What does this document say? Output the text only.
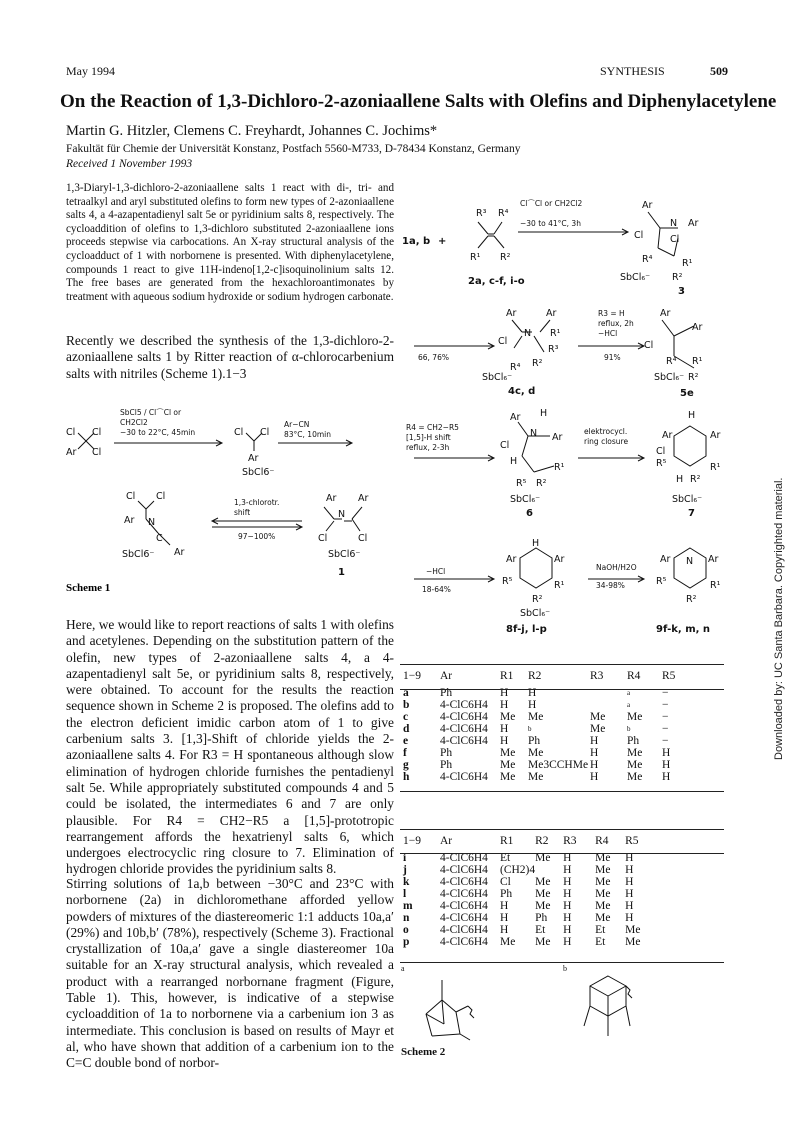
May 1994	SYNTHESIS	509
On the Reaction of 1,3-Dichloro-2-azoniaallene Salts with Olefins and Diphenylacetylene
Martin G. Hitzler, Clemens C. Freyhardt, Johannes C. Jochims*
Fakultät für Chemie der Universität Konstanz, Postfach 5560-M733, D-78434 Konstanz, Germany
Received 1 November 1993
1,3-Diaryl-1,3-dichloro-2-azoniaallene salts 1 react with di-, tri- and tetraalkyl and aryl substituted olefins to form new types of 2-azoniaallene salts 4, a 4-azapentadienyl salt 5e or pyridinium salts 8, respectively. The cycloaddition of olefins to 1,3-dichloro substituted 2-azoniaallene ions proceeds stepwise via carbocations. An X-ray structural analysis of the cycloadduct of 1 with norbornene is presented. With diphenylacetylene, compounds 1 react to give 11H-indeno[1,2-c]isoquinolinium salts 12. The free bases are generated from the hexachloroantimonates by treatment with aqueous sodium hydroxide or sodium hydrogen carbonate.
Recently we described the synthesis of the 1,3-dichloro-2-azoniaallene salts 1 by Ritter reaction of α-chlorocarbenium salts with nitriles (Scheme 1).1−3
Cl Cl
Ar Cl
Cl Cl
Ar
SbCl6⁻
Ar Ar
N
Cl	Cl
SbCl6⁻
Cl Cl
Ar N
C
Ar
SbCl6⁻
SbCl5 / Cl⌒Cl or
CH2Cl2
−30 to 22°C, 45min
Ar−CN
83°C, 10min
1,3-chlorotr.
shift
97−100%
1
Scheme 1
Here, we would like to report reactions of salts 1 with olefins and acetylenes. Depending on the substitution pattern of the olefin, new types of 2-azoniaallene salts 4, a 4-azapentadienyl salt 5e, or pyridinium salts 8, respectively, were obtained. To account for the results the reaction sequence shown in Scheme 2 is proposed. The olefins add to the electron deficient imidic carbon atom of 1 to give carbenium salts 3. [1,3]-Shift of chloride yields the 2-azoniaallene salts 4. For R3 = H spontaneous although slow elimination of hydrogen chloride furnishes the pentadienyl salt 5e. While appropriately substituted compounds 4 and 5 could be isolated, the intermediates 6 and 7 are only plausible. For R4 = CH2−R5 a [1,5]-prototropic rearrangement affords the hexatrienyl salts 6, which undergoes electrocyclic ring closure to 7. Elimination of hydrogen chloride provides the pyridinium salts 8.
Stirring solutions of 1a,b between −30°C and 23°C with norbornene (2a) in dichloromethane afforded yellow powders of mixtures of the diastereomeric 1:1 adducts 10a,a′ (29%) and 10b,b′ (78%), respectively (Scheme 3). Fractional crystallization of 10a,a′ gave a single diastereomer 10a suitable for an X-ray structural analysis, which revealed a product with a rearranged norbornane fragment (Figure, Table 1). This, however, is indicative of a stepwise cycloaddition of 1a to norbornene via a carbenium ion 3 as intermediate. This conclusion is based on results of Mayr et al, who have shown that addition of a carbenium ion to the C=C double bond of norbor-
R³ R⁴
R¹ R²
Ar
N Ar
Cl	Cl
R⁴	R¹
SbCl₆⁻ R²
Ar	Ar
N R¹
Cl
R³
R²
R⁴
SbCl₆⁻
Ar
Ar
Cl
R⁴ R¹
SbCl₆⁻ R²
Ar H
N Ar
Cl
H
R¹
R⁵ R²
SbCl₆⁻
H
Ar	Ar
Cl
R⁵	R¹
H R²
SbCl₆⁻
H
Ar	Ar
R⁵	R¹
R²
SbCl₆⁻
Ar N Ar
R⁵	R¹
R²
1a, b +
2a, c-f, i-o
3
4c, d	5e
6	7
8f-j, l-p	9f-k, m, n
Cl⌒Cl or CH2Cl2
−30 to 41°C, 3h
66, 76%
R3 = H
reflux, 2h
−HCl
91%
R4 = CH2−R5
[1,5]-H shift
reflux, 2-3h
elektrocycl.
ring closure
−HCl
18-64%
NaOH/H2O
34-98%
1−9	Ar	R1	R2	R3	R4	R5
a	Ph	H	H		a	−
b	4-ClC6H4	H	H		a	−
c	4-ClC6H4	Me	Me	Me	Me	−
d	4-ClC6H4	H	b	Me	b	−
e	4-ClC6H4	H	Ph	H	Ph	−
f	Ph	Me	Me	H	Me	H
g	Ph	Me	Me3CCHMe	H	Me	H
h	4-ClC6H4	Me	Me	H	Me	H
1−9	Ar	R1	R2	R3	R4	R5
i	4-ClC6H4	Et	Me	H	Me	H
j	4-ClC6H4	(CH2)4		H	Me	H
k	4-ClC6H4	Cl	Me	H	Me	H
l	4-ClC6H4	Ph	Me	H	Me	H
m	4-ClC6H4	H	Me	H	Me	H
n	4-ClC6H4	H	Ph	H	Me	H
o	4-ClC6H4	H	Et	H	Et	Me
p	4-ClC6H4	Me	Me	H	Et	Me
a	b
Scheme 2
Downloaded by: UC Santa Barbara. Copyrighted material.
